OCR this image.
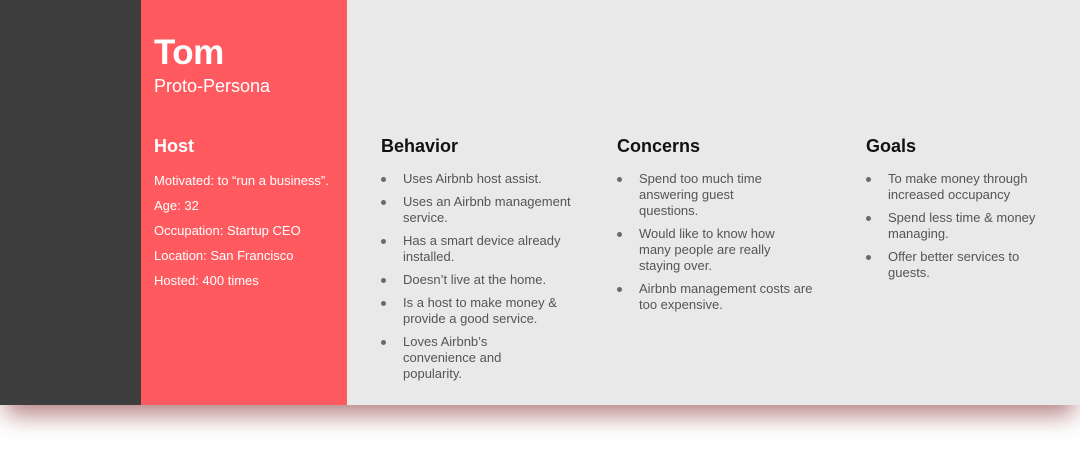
Tom
Proto-Persona
Host
Motivated: to “run a business”.
Age: 32
Occupation: Startup CEO
Location: San Francisco
Hosted: 400 times
Behavior
Uses Airbnb host assist.
Uses an Airbnb management service.
Has a smart device already installed.
Doesn’t live at the home.
Is a host to make money & provide a good service.
Loves Airbnb’s convenience and popularity.
Concerns
Spend too much time answering guest questions.
Would like to know how many people are really staying over.
Airbnb management costs are too expensive.
Goals
To make money through increased occupancy
Spend less time & money managing.
Offer better services to guests.
